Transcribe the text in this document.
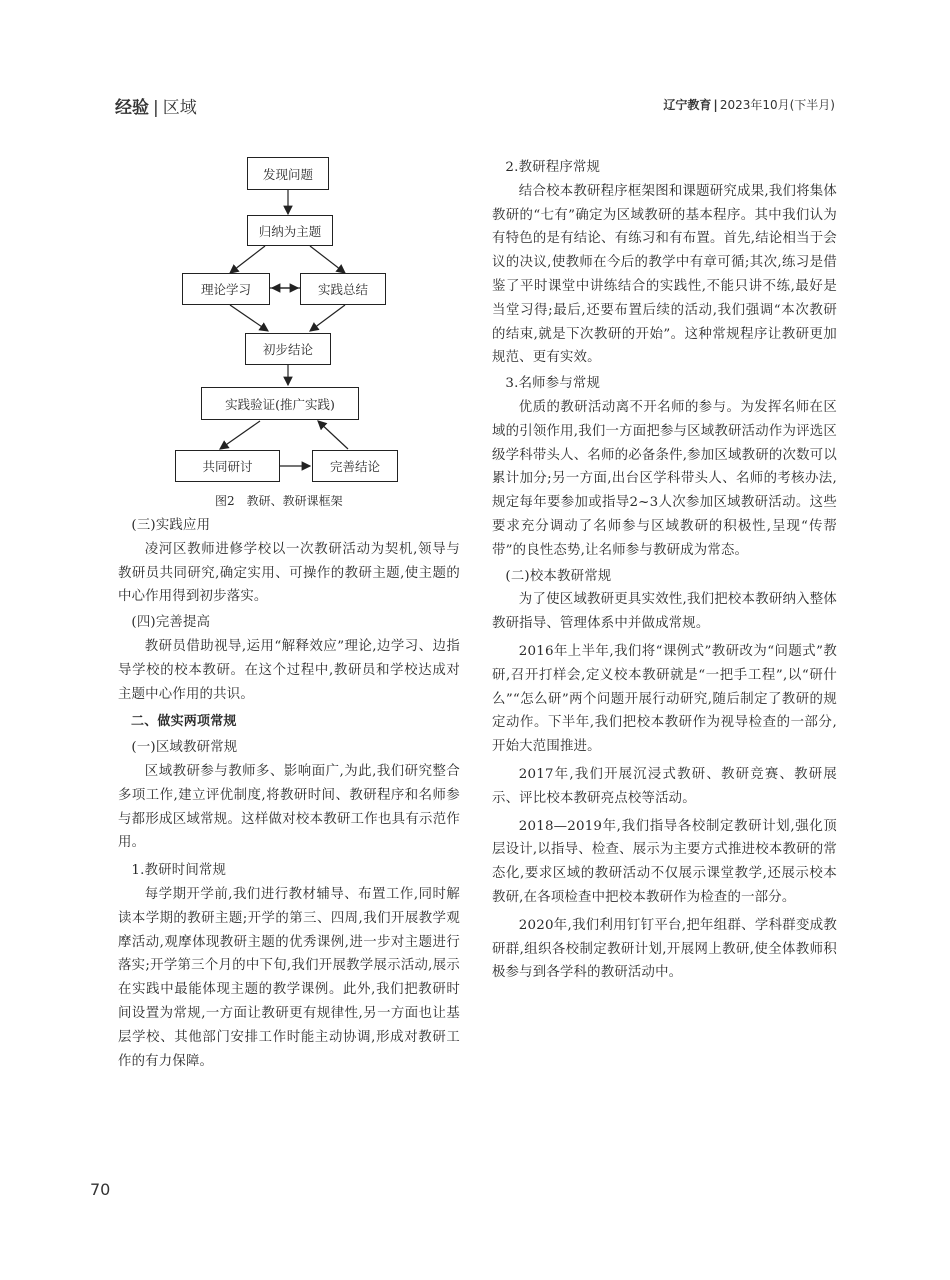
经验 | 区域	辽宁教育 | 2023年10月(下半月)
发现问题
归纳为主题
理论学习	实践总结
初步结论
实践验证(推广实践)
共同研讨	完善结论
图2　教研、教研课框架
(三)实践应用

凌河区教师进修学校以一次教研活动为契机,领导与教研员共同研究,确定实用、可操作的教研主题,使主题的中心作用得到初步落实。

(四)完善提高

教研员借助视导,运用“解释效应”理论,边学习、边指导学校的校本教研。在这个过程中,教研员和学校达成对主题中心作用的共识。

二、做实两项常规
(一)区域教研常规

区域教研参与教师多、影响面广,为此,我们研究整合多项工作,建立评优制度,将教研时间、教研程序和名师参与都形成区域常规。这样做对校本教研工作也具有示范作用。

1.教研时间常规

每学期开学前,我们进行教材辅导、布置工作,同时解读本学期的教研主题;开学的第三、四周,我们开展教学观摩活动,观摩体现教研主题的优秀课例,进一步对主题进行落实;开学第三个月的中下旬,我们开展教学展示活动,展示在实践中最能体现主题的教学课例。此外,我们把教研时间设置为常规,一方面让教研更有规律性,另一方面也让基层学校、其他部门安排工作时能主动协调,形成对教研工作的有力保障。

2.教研程序常规

结合校本教研程序框架图和课题研究成果,我们将集体教研的“七有”确定为区域教研的基本程序。其中我们认为有特色的是有结论、有练习和有布置。首先,结论相当于会议的决议,使教师在今后的教学中有章可循;其次,练习是借鉴了平时课堂中讲练结合的实践性,不能只讲不练,最好是当堂习得;最后,还要布置后续的活动,我们强调“本次教研的结束,就是下次教研的开始”。这种常规程序让教研更加规范、更有实效。

3.名师参与常规

优质的教研活动离不开名师的参与。为发挥名师在区域的引领作用,我们一方面把参与区域教研活动作为评选区级学科带头人、名师的必备条件,参加区域教研的次数可以累计加分;另一方面,出台区学科带头人、名师的考核办法,规定每年要参加或指导2~3人次参加区域教研活动。这些要求充分调动了名师参与区域教研的积极性,呈现“传帮带”的良性态势,让名师参与教研成为常态。

(二)校本教研常规

为了使区域教研更具实效性,我们把校本教研纳入整体教研指导、管理体系中并做成常规。

2016年上半年,我们将“课例式”教研改为“问题式”教研,召开打样会,定义校本教研就是“一把手工程”,以“研什么”“怎么研”两个问题开展行动研究,随后制定了教研的规定动作。下半年,我们把校本教研作为视导检查的一部分,开始大范围推进。

2017年,我们开展沉浸式教研、教研竞赛、教研展示、评比校本教研亮点校等活动。

2018—2019年,我们指导各校制定教研计划,强化顶层设计,以指导、检查、展示为主要方式推进校本教研的常态化,要求区域的教研活动不仅展示课堂教学,还展示校本教研,在各项检查中把校本教研作为检查的一部分。

2020年,我们利用钉钉平台,把年组群、学科群变成教研群,组织各校制定教研计划,开展网上教研,使全体教师积极参与到各学科的教研活动中。

70
